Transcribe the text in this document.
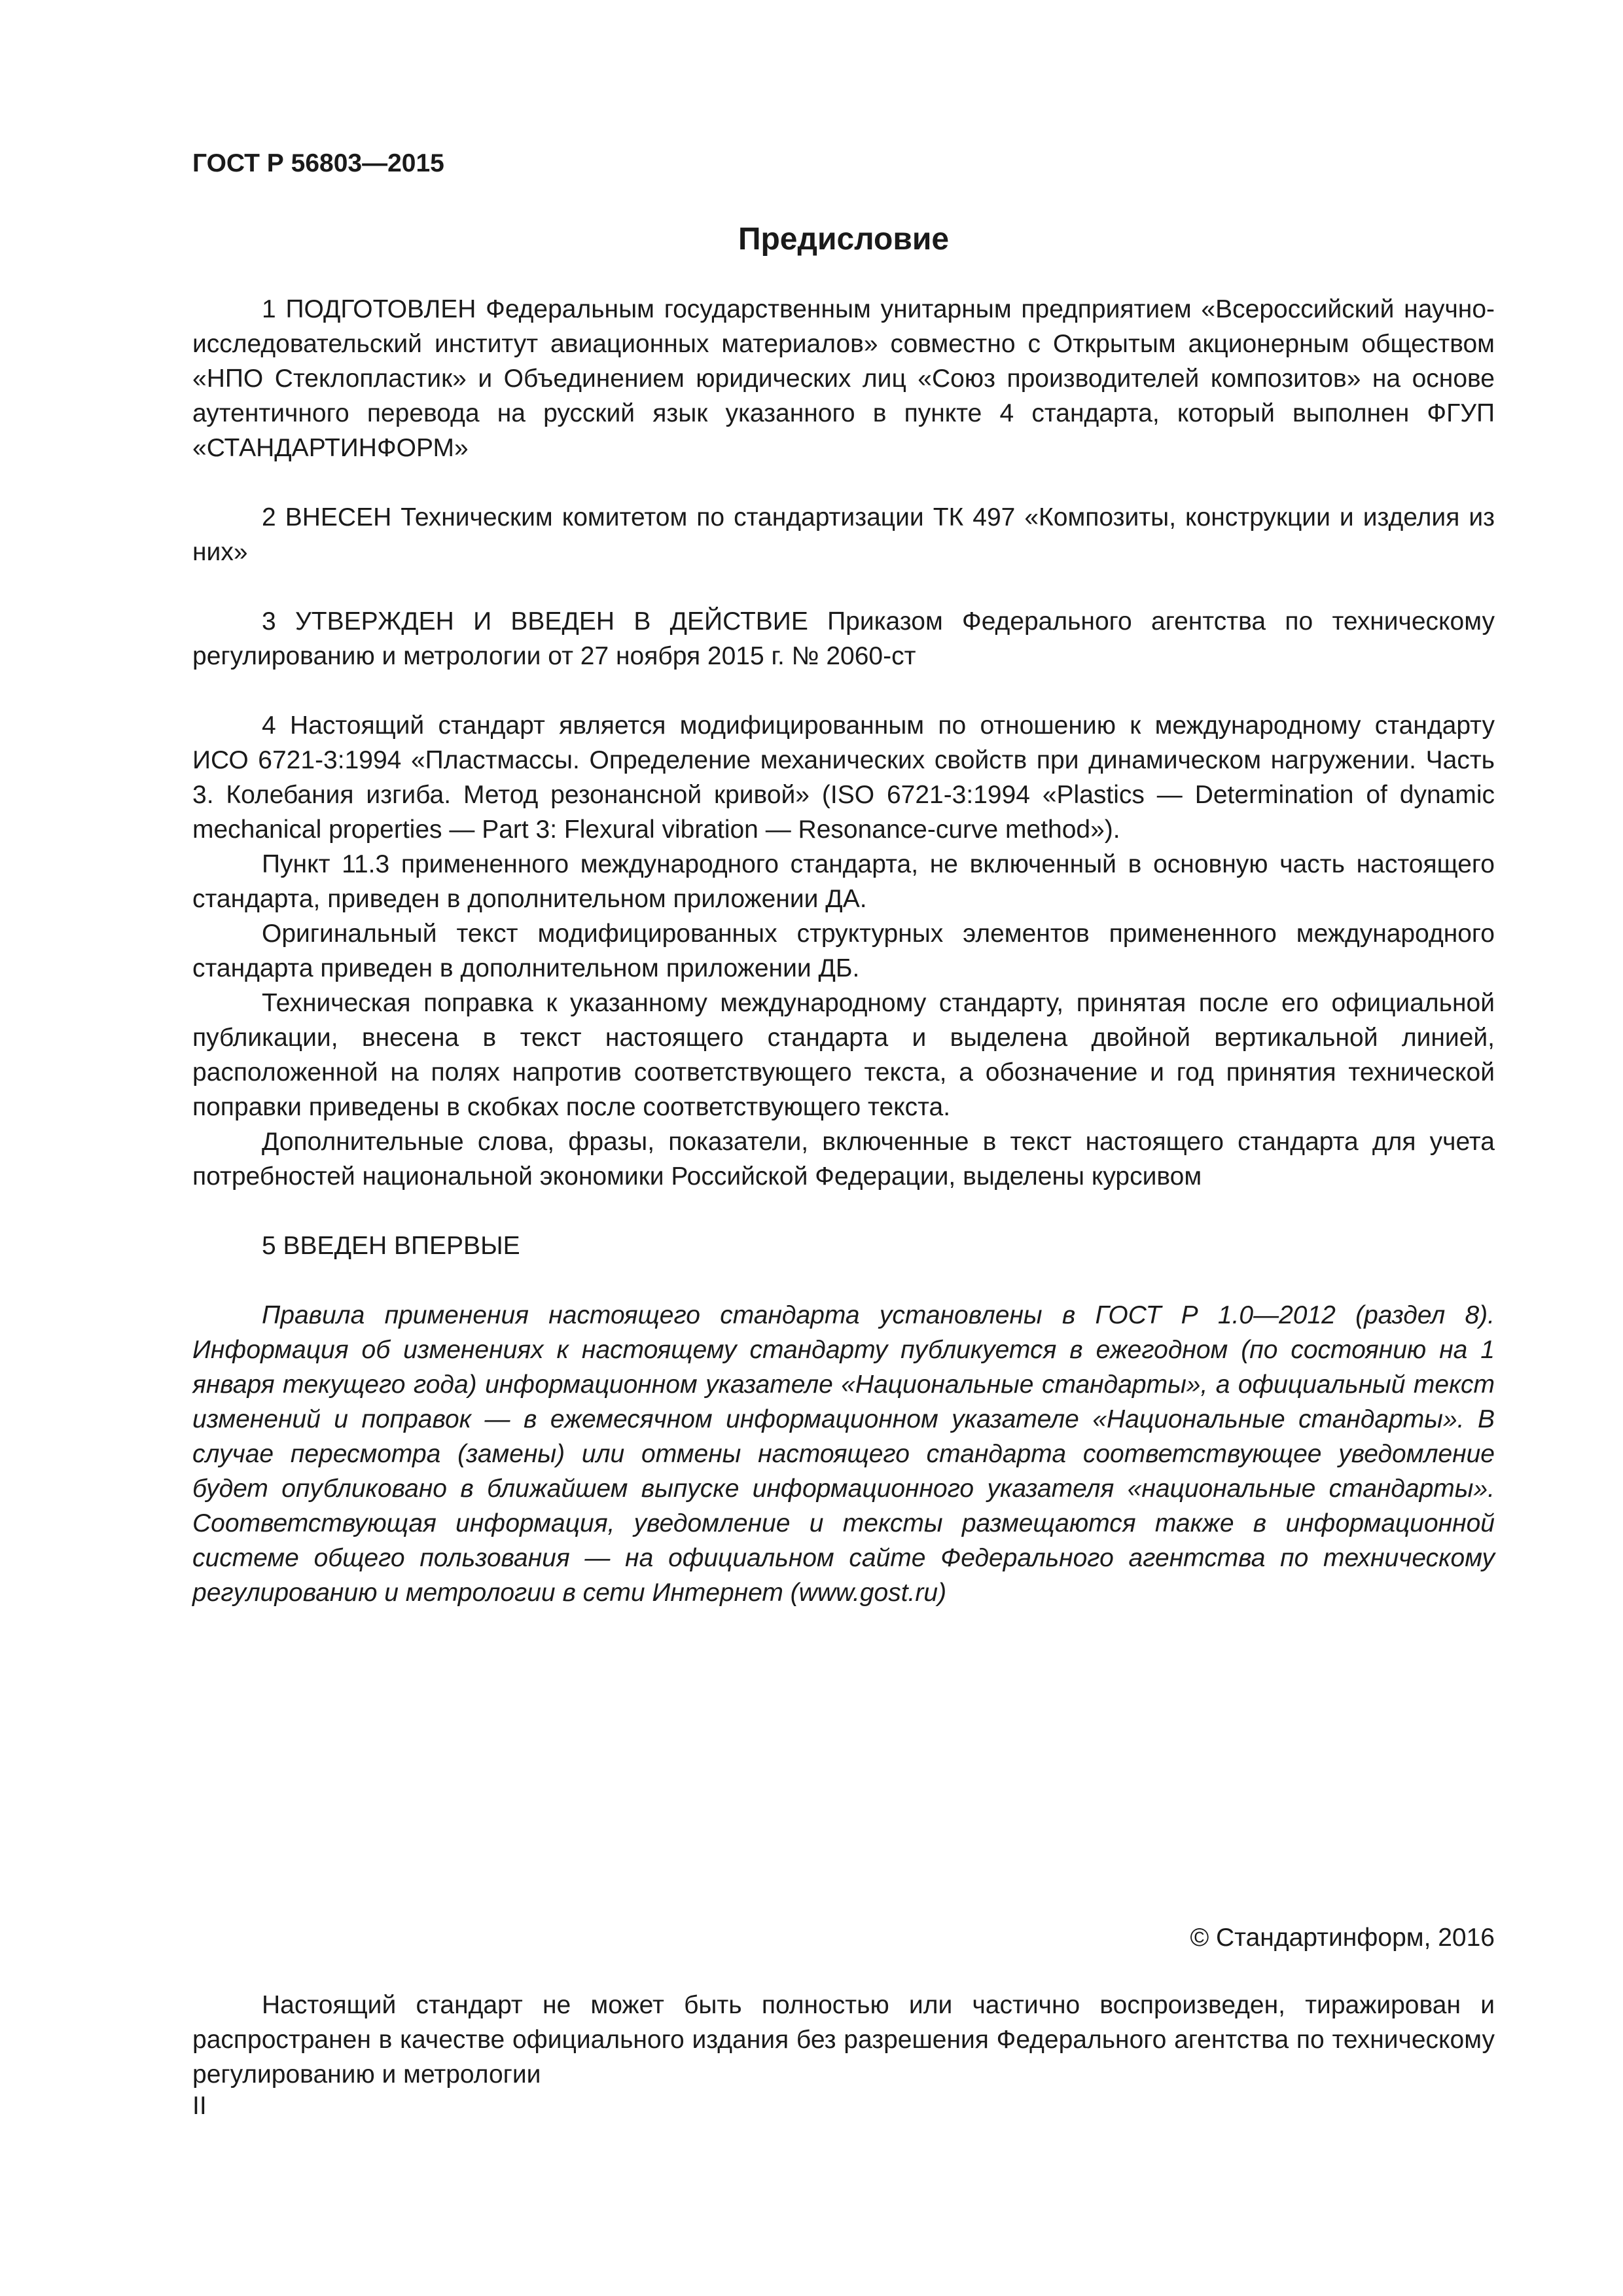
ГОСТ Р 56803—2015

Предисловие

1 ПОДГОТОВЛЕН Федеральным государственным унитарным предприятием «Всероссийский научно-исследовательский институт авиационных материалов» совместно с Открытым акционерным обществом «НПО Стеклопластик» и Объединением юридических лиц «Союз производителей композитов» на основе аутентичного перевода на русский язык указанного в пункте 4 стандарта, который выполнен ФГУП «СТАНДАРТИНФОРМ»

2 ВНЕСЕН Техническим комитетом по стандартизации ТК 497 «Композиты, конструкции и изделия из них»

3 УТВЕРЖДЕН И ВВЕДЕН В ДЕЙСТВИЕ Приказом Федерального агентства по техническому регулированию и метрологии от 27 ноября 2015 г. № 2060-ст

4 Настоящий стандарт является модифицированным по отношению к международному стандарту ИСО 6721-3:1994 «Пластмассы. Определение механических свойств при динамическом нагружении. Часть 3. Колебания изгиба. Метод резонансной кривой» (ISO 6721-3:1994 «Plastics — Determination of dynamic mechanical properties — Part 3: Flexural vibration — Resonance-curve method»).

Пункт 11.3 примененного международного стандарта, не включенный в основную часть настоящего стандарта, приведен в дополнительном приложении ДА.

Оригинальный текст модифицированных структурных элементов примененного международного стандарта приведен в дополнительном приложении ДБ.

Техническая поправка к указанному международному стандарту, принятая после его официальной публикации, внесена в текст настоящего стандарта и выделена двойной вертикальной линией, расположенной на полях напротив соответствующего текста, а обозначение и год принятия технической поправки приведены в скобках после соответствующего текста.

Дополнительные слова, фразы, показатели, включенные в текст настоящего стандарта для учета потребностей национальной экономики Российской Федерации, выделены курсивом

5 ВВЕДЕН ВПЕРВЫЕ

Правила применения настоящего стандарта установлены в ГОСТ Р 1.0—2012 (раздел 8). Информация об изменениях к настоящему стандарту публикуется в ежегодном (по состоянию на 1 января текущего года) информационном указателе «Национальные стандарты», а официальный текст изменений и поправок — в ежемесячном информационном указателе «Национальные стандарты». В случае пересмотра (замены) или отмены настоящего стандарта соответствующее уведомление будет опубликовано в ближайшем выпуске информационного указателя «национальные стандарты». Соответствующая информация, уведомление и тексты размещаются также в информационной системе общего пользования — на официальном сайте Федерального агентства по техническому регулированию и метрологии в сети Интернет (www.gost.ru)

© Стандартинформ, 2016

Настоящий стандарт не может быть полностью или частично воспроизведен, тиражирован и распространен в качестве официального издания без разрешения Федерального агентства по техническому регулированию и метрологии

II
